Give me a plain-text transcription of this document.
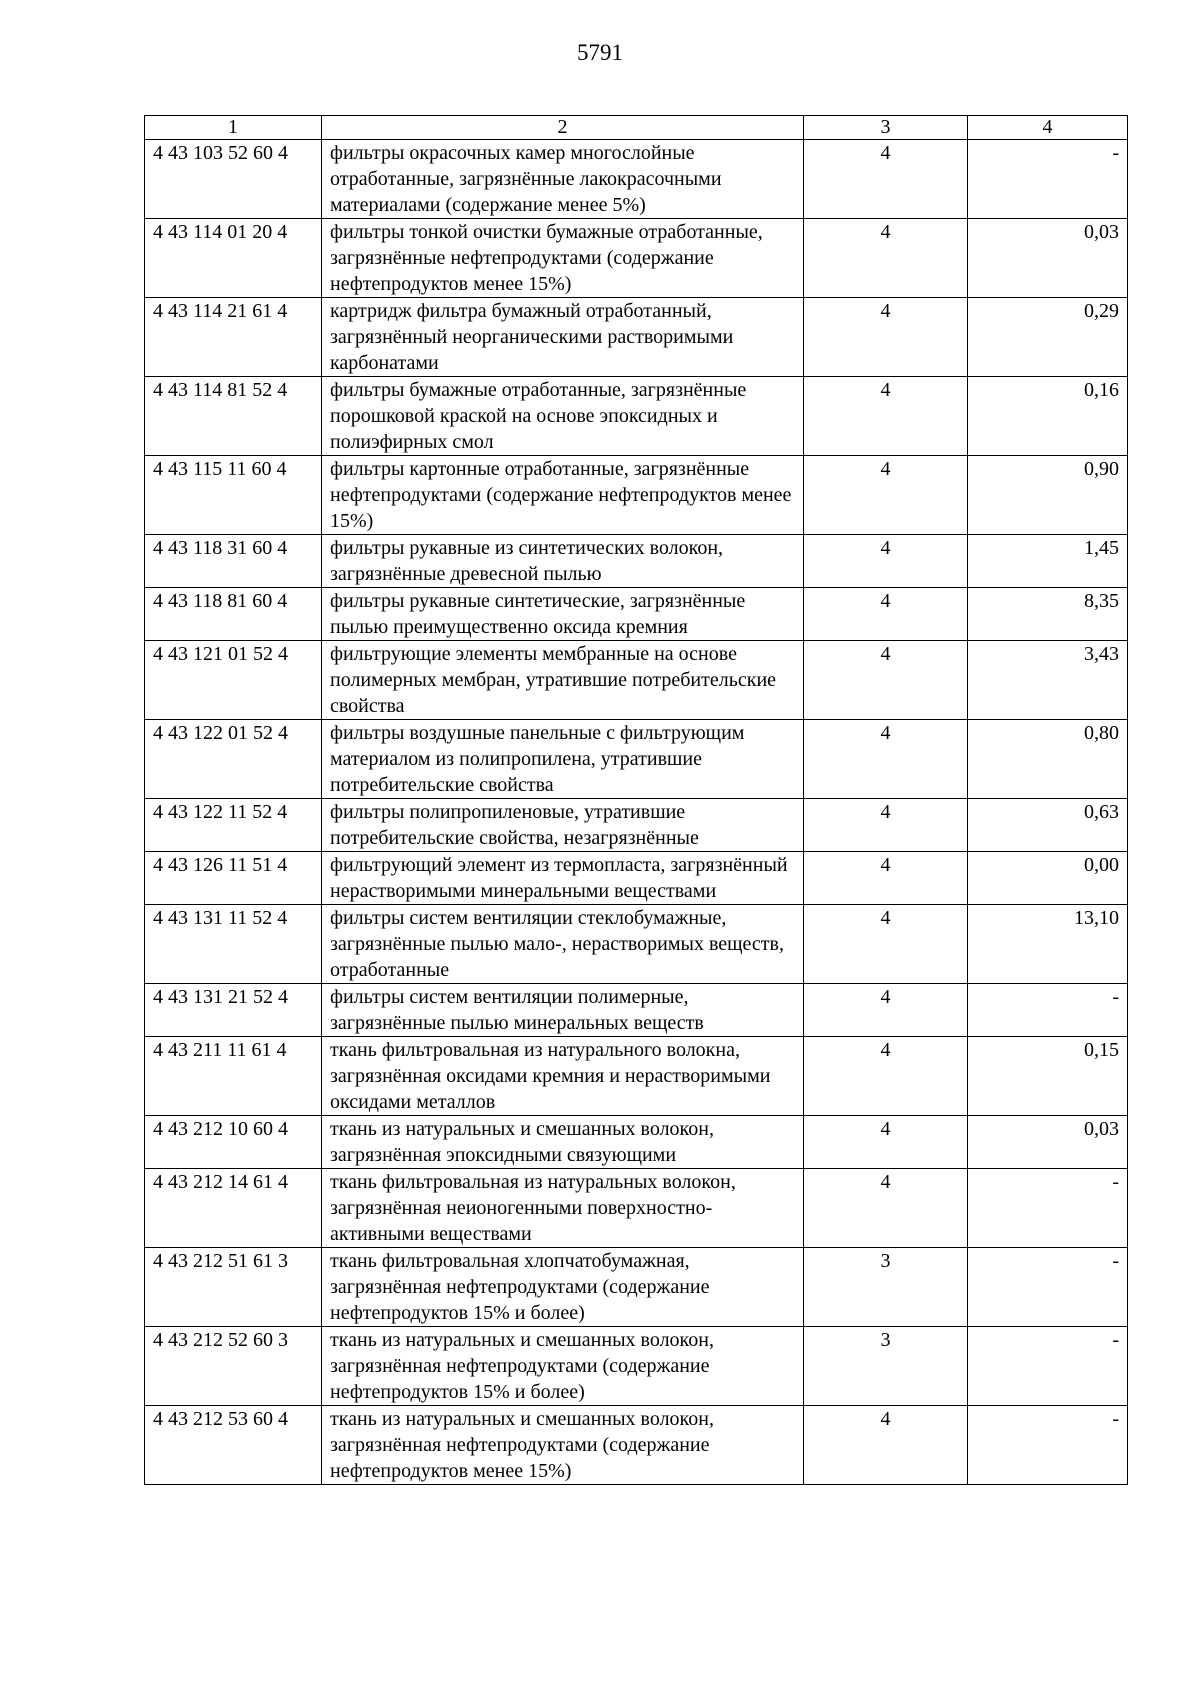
5791
1	2	3	4
4 43 103 52 60 4	фильтры окрасочных камер многослойные отработанные, загрязнённые лакокрасочными материалами (содержание менее 5%)	4	-
4 43 114 01 20 4	фильтры тонкой очистки бумажные отработанные, загрязнённые нефтепродуктами (содержание нефтепродуктов менее 15%)	4	0,03
4 43 114 21 61 4	картридж фильтра бумажный отработанный, загрязнённый неорганическими растворимыми карбонатами	4	0,29
4 43 114 81 52 4	фильтры бумажные отработанные, загрязнённые порошковой краской на основе эпоксидных и полиэфирных смол	4	0,16
4 43 115 11 60 4	фильтры картонные отработанные, загрязнённые нефтепродуктами (содержание нефтепродуктов менее 15%)	4	0,90
4 43 118 31 60 4	фильтры рукавные из синтетических волокон, загрязнённые древесной пылью	4	1,45
4 43 118 81 60 4	фильтры рукавные синтетические, загрязнённые пылью преимущественно оксида кремния	4	8,35
4 43 121 01 52 4	фильтрующие элементы мембранные на основе полимерных мембран, утратившие потребительские свойства	4	3,43
4 43 122 01 52 4	фильтры воздушные панельные с фильтрующим материалом из полипропилена, утратившие потребительские свойства	4	0,80
4 43 122 11 52 4	фильтры полипропиленовые, утратившие потребительские свойства, незагрязнённые	4	0,63
4 43 126 11 51 4	фильтрующий элемент из термопласта, загрязнённый нерастворимыми минеральными веществами	4	0,00
4 43 131 11 52 4	фильтры систем вентиляции стеклобумажные, загрязнённые пылью мало-, нерастворимых веществ, отработанные	4	13,10
4 43 131 21 52 4	фильтры систем вентиляции полимерные, загрязнённые пылью минеральных веществ	4	-
4 43 211 11 61 4	ткань фильтровальная из натурального волокна, загрязнённая оксидами кремния и нерастворимыми оксидами металлов	4	0,15
4 43 212 10 60 4	ткань из натуральных и смешанных волокон, загрязнённая эпоксидными связующими	4	0,03
4 43 212 14 61 4	ткань фильтровальная из натуральных волокон, загрязнённая неионогенными поверхностно-активными веществами	4	-
4 43 212 51 61 3	ткань фильтровальная хлопчатобумажная, загрязнённая нефтепродуктами (содержание нефтепродуктов 15% и более)	3	-
4 43 212 52 60 3	ткань из натуральных и смешанных волокон, загрязнённая нефтепродуктами (содержание нефтепродуктов 15% и более)	3	-
4 43 212 53 60 4	ткань из натуральных и смешанных волокон, загрязнённая нефтепродуктами (содержание нефтепродуктов менее 15%)	4	-
